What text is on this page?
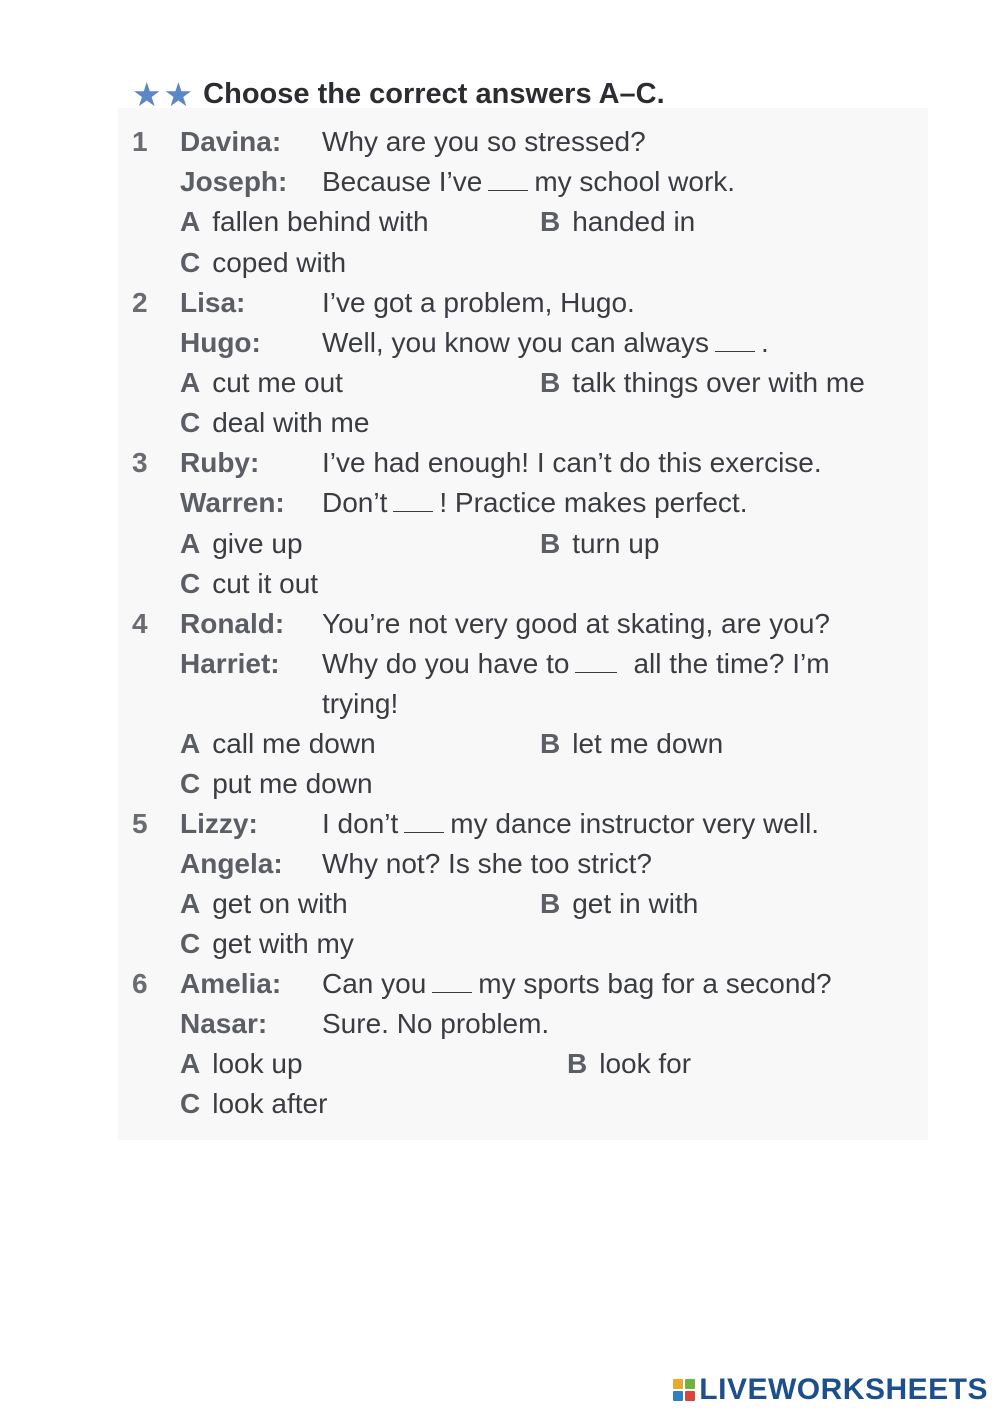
★★ Choose the correct answers A–C.
1	Davina:	Why are you so stressed?
Joseph:	Because I’ve my school work.
A fallen behind with	B handed in
C coped with
2	Lisa:	I’ve got a problem, Hugo.
Hugo:	Well, you know you can always .
A cut me out	B talk things over with me
C deal with me
3	Ruby:	I’ve had enough! I can’t do this exercise.
Warren:	Don’t ! Practice makes perfect.
A give up	B turn up
C cut it out
4	Ronald:	You’re not very good at skating, are you?
Harriet:	Why do you have to all the time? I’m
trying!
A call me down	B let me down
C put me down
5	Lizzy:	I don’t my dance instructor very well.
Angela:	Why not? Is she too strict?
A get on with	B get in with
C get with my
6	Amelia:	Can you my sports bag for a second?
Nasar:	Sure. No problem.
A look up	B look for
C look after
LIVEWORKSHEETS
